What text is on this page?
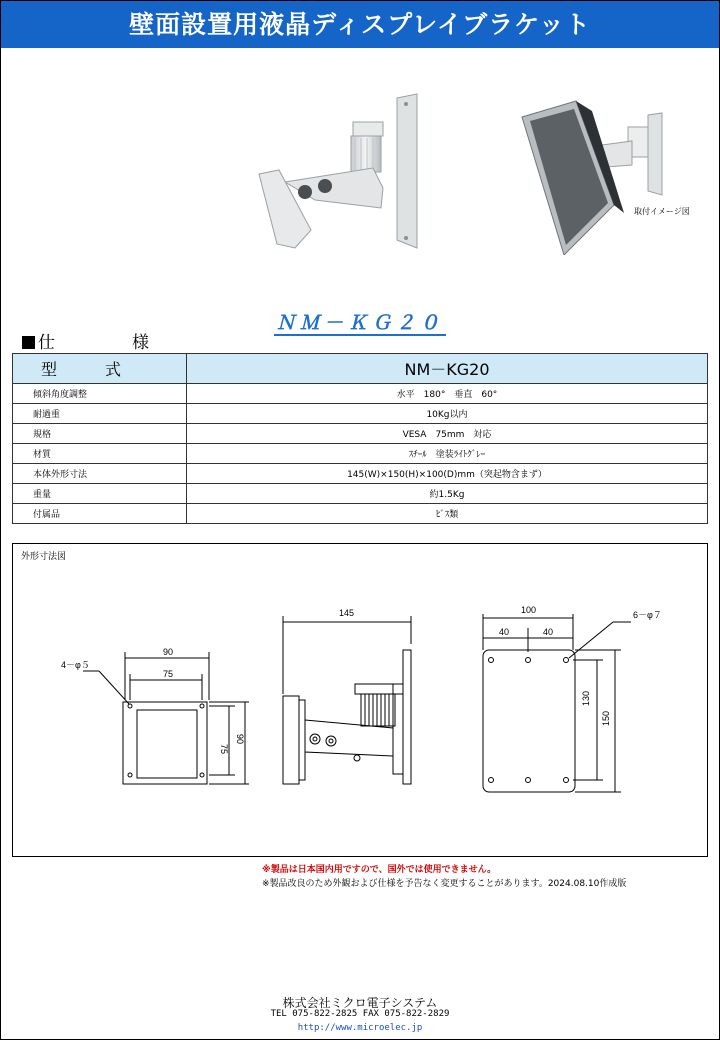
壁面設置用液晶ディスプレイブラケット
取付イメージ図
ＮＭ－ＫＧ２０
仕	様
型　　　式	NM－KG20
傾斜角度調整	水平　180°　垂直　60°
耐過重	10Kg以内
規格	VESA　75mm　対応
材質	ｽﾁｰﾙ　塗装ﾗｲﾄｸﾞﾚｰ
本体外形寸法	145(W)×150(H)×100(D)mm（突起物含まず）
重量	約1.5Kg
付属品	ﾋﾞｽ類
外形寸法図
4－φ５
90
75
75
90
145	100
40	40
6－φ７
130
150
※製品は日本国内用ですので、国外では使用できません。
※製品改良のため外観および仕様を予告なく変更することがあります。2024.08.10作成版
株式会社ミクロ電子システム
TEL 075-822-2825 FAX 075-822-2829
http://www.microelec.jp
